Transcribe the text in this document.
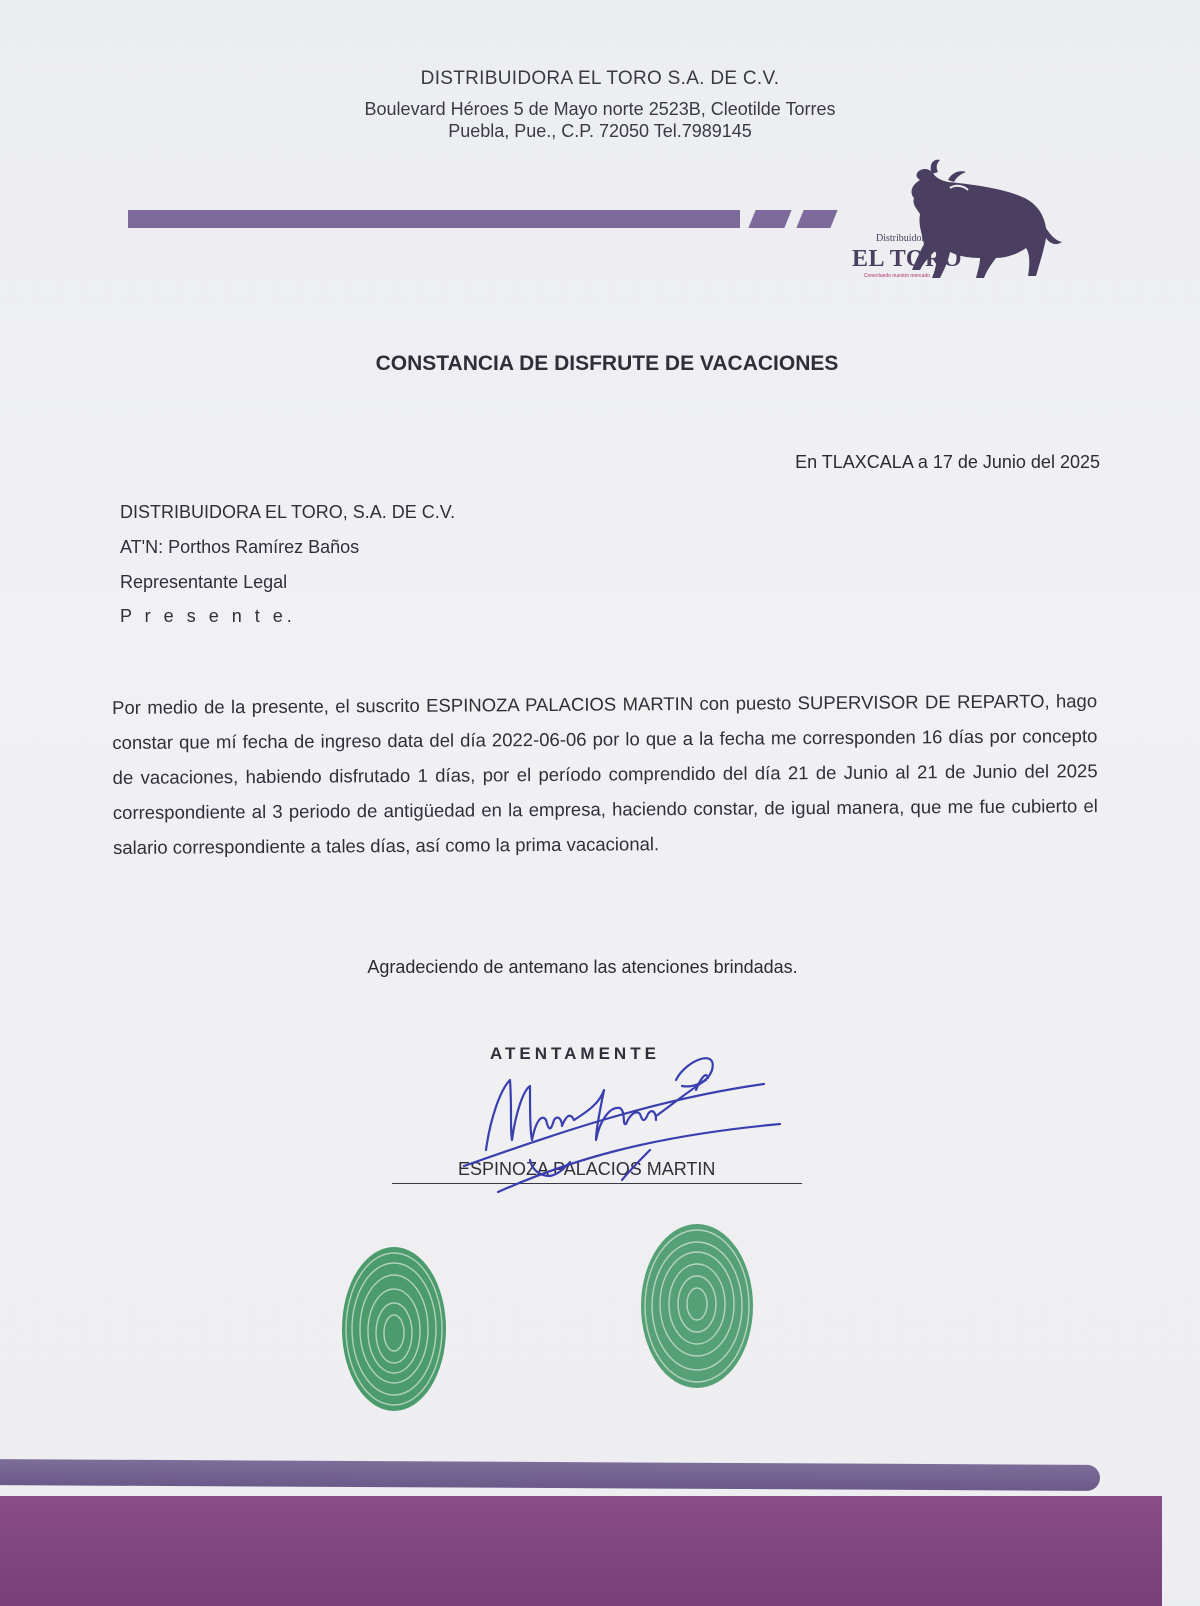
DISTRIBUIDORA EL TORO S.A. DE C.V.
Boulevard Héroes 5 de Mayo norte 2523B, Cleotilde Torres
Puebla, Pue., C.P. 72050 Tel.7989145
Distribuidora
EL TORO
Conectando nuestro mercado
CONSTANCIA DE DISFRUTE DE VACACIONES
En TLAXCALA a 17 de Junio del 2025
DISTRIBUIDORA EL TORO, S.A. DE C.V.
AT'N: Porthos Ramírez Baños
Representante Legal
P r e s e n t e.
Por medio de la presente, el suscrito ESPINOZA PALACIOS MARTIN con puesto SUPERVISOR DE REPARTO, hago constar que mí fecha de ingreso data del día 2022-06-06 por lo que a la fecha me corresponden 16 días por concepto de vacaciones, habiendo disfrutado 1 días, por el período comprendido del día 21 de Junio al 21 de Junio del 2025 correspondiente al 3 periodo de antigüedad en la empresa, haciendo constar, de igual manera, que me fue cubierto el salario correspondiente a tales días, así como la prima vacacional.
Agradeciendo de antemano las atenciones brindadas.
ATENTAMENTE
ESPINOZA PALACIOS MARTIN
